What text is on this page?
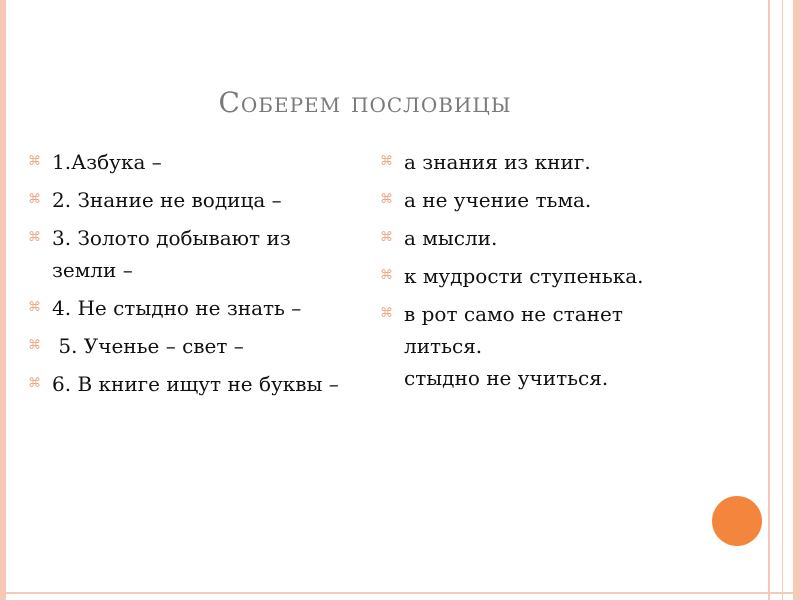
Соберем пословицы
⌘ 1.Азбука –
⌘ 2. Знание не водица –
⌘ 3. Золото добывают из земли –
⌘ 4. Не стыдно не знать –
⌘ 5. Ученье – свет –
⌘ 6. В книге ищут не буквы –
⌘ а знания из книг.
⌘ а не учение тьма.
⌘ а мысли.
⌘ к мудрости ступенька.
⌘ в рот само не станет литься.
стыдно не учиться.
